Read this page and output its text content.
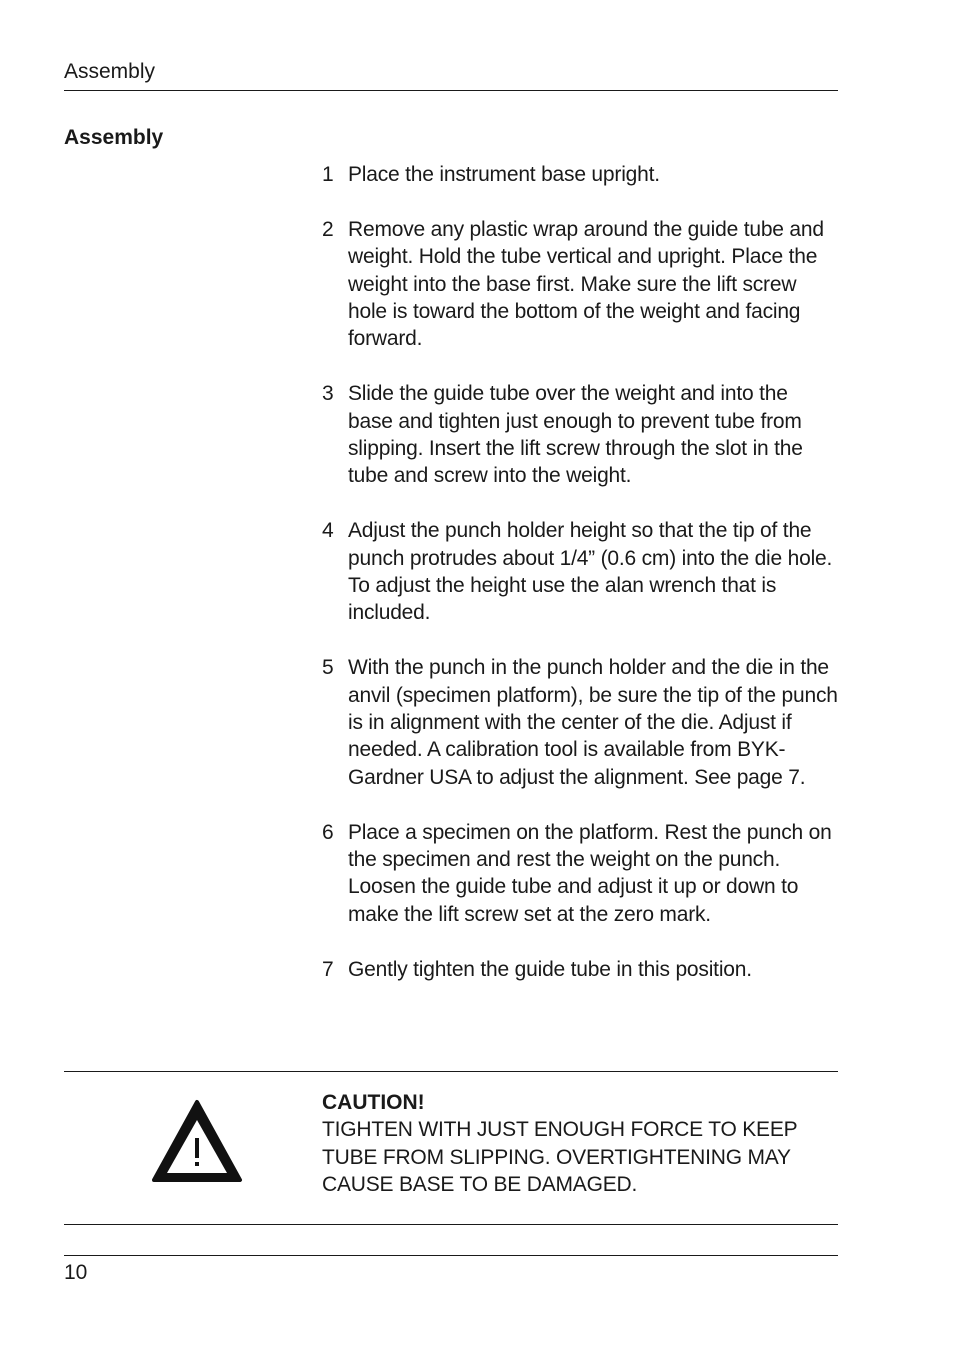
Assembly
Assembly
1 Place the instrument base upright.
2 Remove any plastic wrap around the guide tube and weight. Hold the tube vertical and upright. Place the weight into the base first. Make sure the lift screw hole is toward the bottom of the weight and facing forward.
3 Slide the guide tube over the weight and into the base and tighten just enough to prevent tube from slipping. Insert the lift screw through the slot in the tube and screw into the weight.
4 Adjust the punch holder height so that the tip of the punch protrudes about 1/4” (0.6 cm) into the die hole. To adjust the height use the alan wrench that is included.
5 With the punch in the punch holder and the die in the anvil (specimen platform), be sure the tip of the punch is in alignment with the center of the die. Adjust if needed. A calibration tool is available from BYK-Gardner USA to adjust the alignment. See page 7.
6 Place a specimen on the platform. Rest the punch on the specimen and rest the weight on the punch. Loosen the guide tube and adjust it up or down to make the lift screw set at the zero mark.
7 Gently tighten the guide tube in this position.
CAUTION!
TIGHTEN WITH JUST ENOUGH FORCE TO KEEP TUBE FROM SLIPPING. OVERTIGHTENING MAY CAUSE BASE TO BE DAMAGED.
10
